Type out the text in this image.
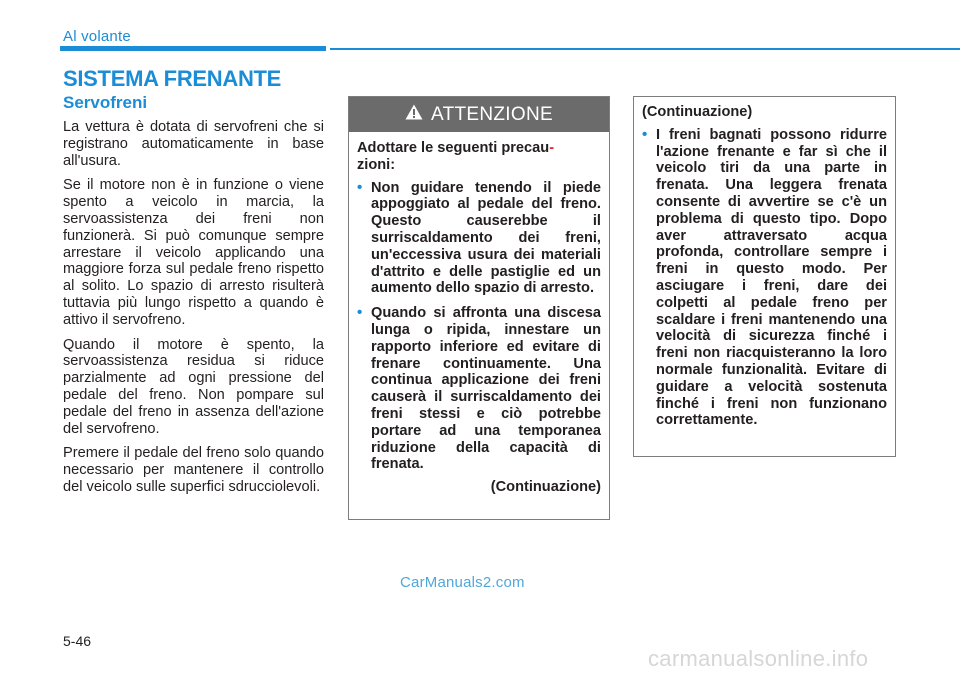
Al volante
SISTEMA FRENANTE
Servofreni

La vettura è dotata di servofreni che si registrano automaticamente in base all'usura.

Se il motore non è in funzione o viene spento a veicolo in marcia, la servoassistenza dei freni non funzionerà. Si può comunque sempre arrestare il veicolo applicando una maggiore forza sul pedale freno rispetto al solito. Lo spazio di arresto risulterà tuttavia più lungo rispetto a quando è attivo il servofreno.

Quando il motore è spento, la servoassistenza residua si riduce parzialmente ad ogni pressione del pedale del freno. Non pompare sul pedale del freno in assenza dell'azione del servofreno.

Premere il pedale del freno solo quando necessario per mantenere il controllo del veicolo sulle superfici sdrucciolevoli.

ATTENZIONE

Adottare le seguenti precau-
zioni:

• Non guidare tenendo il piede appoggiato al pedale del freno. Questo causerebbe il surriscaldamento dei freni, un'eccessiva usura dei materiali d'attrito e delle pastiglie ed un aumento dello spazio di arresto.
• Quando si affronta una discesa lunga o ripida, innestare un rapporto inferiore ed evitare di frenare continuamente. Una continua applicazione dei freni causerà il surriscaldamento dei freni stessi e ciò potrebbe portare ad una temporanea riduzione della capacità di frenata.
(Continuazione)

(Continuazione)

• I freni bagnati possono ridurre l'azione frenante e far sì che il veicolo tiri da una parte in frenata. Una leggera frenata consente di avvertire se c'è un problema di questo tipo. Dopo aver attraversato acqua profonda, controllare sempre i freni in questo modo. Per asciugare i freni, dare dei colpetti al pedale freno per scaldare i freni mantenendo una velocità di sicurezza finché i freni non riacquisteranno la loro normale funzionalità. Evitare di guidare a velocità sostenuta finché i freni non funzionano correttamente.
CarManuals2.com
5-46
carmanualsonline.info
